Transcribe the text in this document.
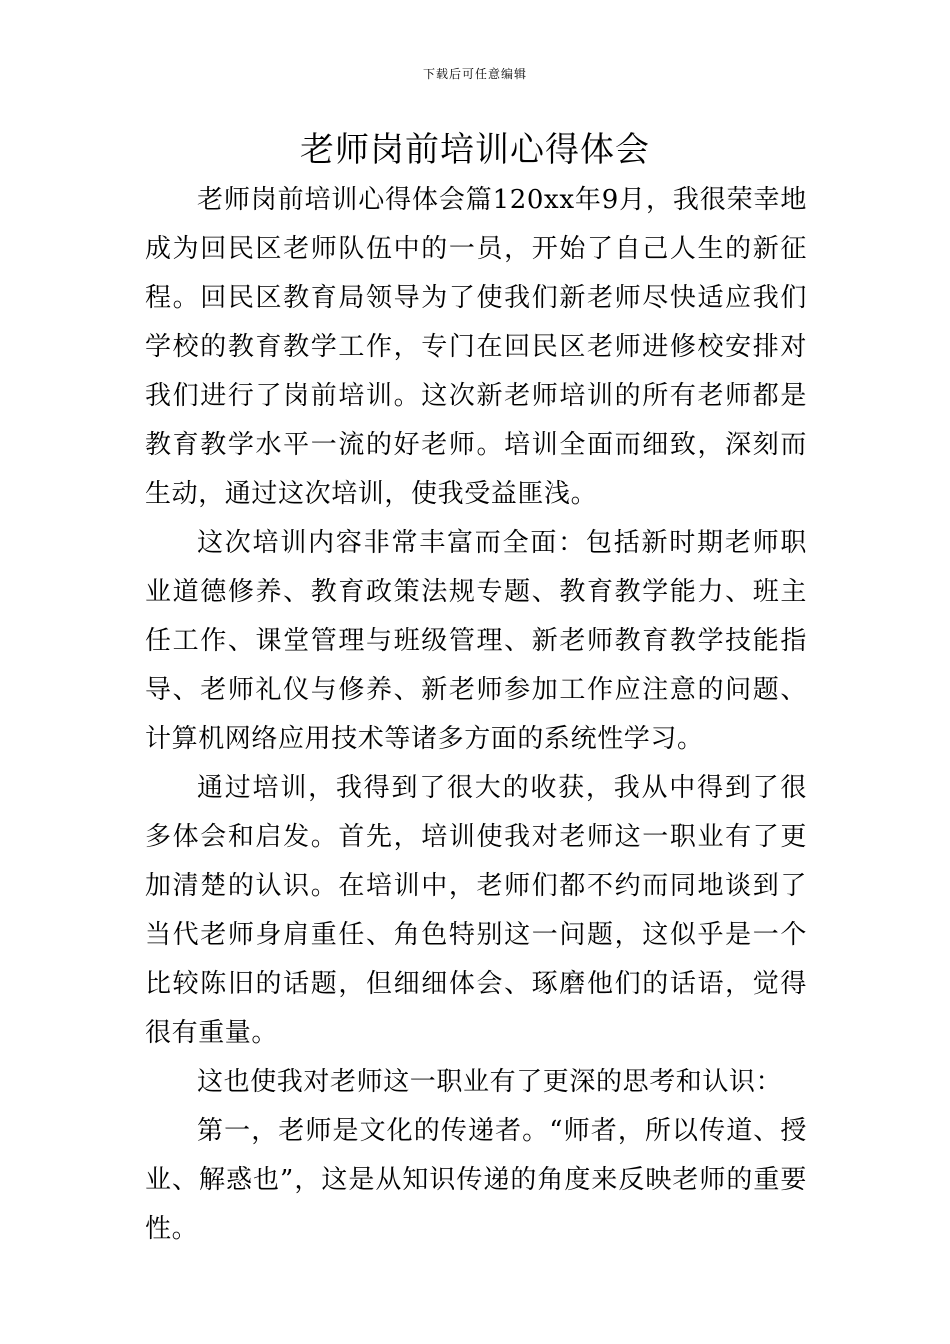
下载后可任意编辑
老师岗前培训心得体会

老师岗前培训心得体会篇120xx年9月，我很荣幸地成为回民区老师队伍中的一员，开始了自己人生的新征程。回民区教育局领导为了使我们新老师尽快适应我们学校的教育教学工作，专门在回民区老师进修校安排对我们进行了岗前培训。这次新老师培训的所有老师都是教育教学水平一流的好老师。培训全面而细致，深刻而生动，通过这次培训，使我受益匪浅。

这次培训内容非常丰富而全面：包括新时期老师职业道德修养、教育政策法规专题、教育教学能力、班主任工作、课堂管理与班级管理、新老师教育教学技能指导、老师礼仪与修养、新老师参加工作应注意的问题、计算机网络应用技术等诸多方面的系统性学习。

通过培训，我得到了很大的收获，我从中得到了很多体会和启发。首先，培训使我对老师这一职业有了更加清楚的认识。在培训中，老师们都不约而同地谈到了当代老师身肩重任、角色特别这一问题，这似乎是一个比较陈旧的话题，但细细体会、琢磨他们的话语，觉得很有重量。

这也使我对老师这一职业有了更深的思考和认识：

第一，老师是文化的传递者。“师者，所以传道、授业、解惑也”，这是从知识传递的角度来反映老师的重要性。
